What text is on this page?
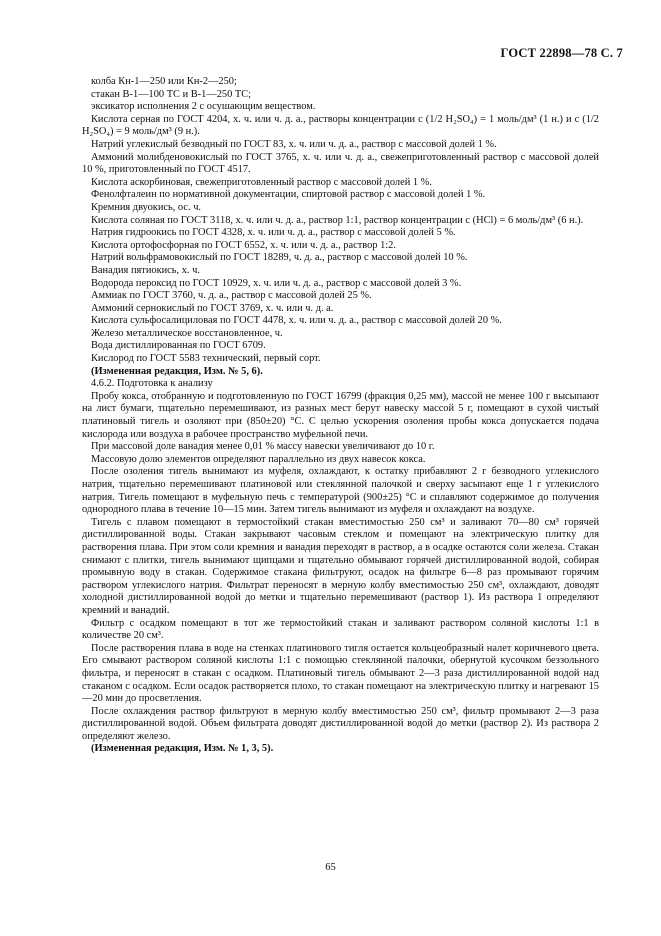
ГОСТ 22898—78 С. 7

колба Кн-1—250 или Кн-2—250;

стакан В-1—100 ТС и В-1—250 ТС;

эксикатор исполнения 2 с осушающим веществом.

Кислота серная по ГОСТ 4204, х. ч. или ч. д. а., растворы концентрации с (1/2 H₂SO₄) = 1 моль/дм³ (1 н.) и с (1/2 H₂SO₄) = 9 моль/дм³ (9 н.).

Натрий углекислый безводный по ГОСТ 83, х. ч. или ч. д. а., раствор с массовой долей 1 %.

Аммоний молибденовокислый по ГОСТ 3765, х. ч. или ч. д. а., свежеприготовленный раствор с массовой долей 10 %, приготовленный по ГОСТ 4517.

Кислота аскорбиновая, свежеприготовленный раствор с массовой долей 1 %.

Фенолфталеин по нормативной документации, спиртовой раствор с массовой долей 1 %.

Кремния двуокись, ос. ч.

Кислота соляная по ГОСТ 3118, х. ч. или ч. д. а., раствор 1:1, раствор концентрации с (HCl) = 6 моль/дм³ (6 н.).

Натрия гидроокись по ГОСТ 4328, х. ч. или ч. д. а., раствор с массовой долей 5 %.

Кислота ортофосфорная по ГОСТ 6552, х. ч. или ч. д. а., раствор 1:2.

Натрий вольфрамовокислый по ГОСТ 18289, ч. д. а., раствор с массовой долей 10 %.

Ванадия пятиокись, х. ч.

Водорода пероксид по ГОСТ 10929, х. ч. или ч. д. а., раствор с массовой долей 3 %.

Аммиак по ГОСТ 3760, ч. д. а., раствор с массовой долей 25 %.

Аммоний сернокислый по ГОСТ 3769, х. ч. или ч. д. а.

Кислота сульфосалициловая по ГОСТ 4478, х. ч. или ч. д. а., раствор с массовой долей 20 %.

Железо металлическое восстановленное, ч.

Вода дистиллированная по ГОСТ 6709.

Кислород по ГОСТ 5583 технический, первый сорт.

(Измененная редакция, Изм. № 5, 6).

4.6.2. Подготовка к анализу

Пробу кокса, отобранную и подготовленную по ГОСТ 16799 (фракция 0,25 мм), массой не менее 100 г высыпают на лист бумаги, тщательно перемешивают, из разных мест берут навеску массой 5 г, помещают в сухой чистый платиновый тигель и озоляют при (850±20) °С. С целью ускорения озоления пробы кокса допускается подача кислорода или воздуха в рабочее пространство муфельной печи.

При массовой доле ванадия менее 0,01 % массу навески увеличивают до 10 г.

Массовую долю элементов определяют параллельно из двух навесок кокса.

После озоления тигель вынимают из муфеля, охлаждают, к остатку прибавляют 2 г безводного углекислого натрия, тщательно перемешивают платиновой или стеклянной палочкой и сверху засыпают еще 1 г углекислого натрия. Тигель помещают в муфельную печь с температурой (900±25) °С и сплавляют содержимое до получения однородного плава в течение 10—15 мин. Затем тигель вынимают из муфеля и охлаждают на воздухе.

Тигель с плавом помещают в термостойкий стакан вместимостью 250 см³ и заливают 70—80 см³ горячей дистиллированной воды. Стакан закрывают часовым стеклом и помещают на электрическую плитку для растворения плава. При этом соли кремния и ванадия переходят в раствор, а в осадке остаются соли железа. Стакан снимают с плитки, тигель вынимают щипцами и тщательно обмывают горячей дистиллированной водой, собирая промывную воду в стакан. Содержимое стакана фильтруют, осадок на фильтре 6—8 раз промывают горячим раствором углекислого натрия. Фильтрат переносят в мерную колбу вместимостью 250 см³, охлаждают, доводят холодной дистиллированной водой до метки и тщательно перемешивают (раствор 1). Из раствора 1 определяют кремний и ванадий.

Фильтр с осадком помещают в тот же термостойкий стакан и заливают раствором соляной кислоты 1:1 в количестве 20 см³.

После растворения плава в воде на стенках платинового тигля остается кольцеобразный налет коричневого цвета. Его смывают раствором соляной кислоты 1:1 с помощью стеклянной палочки, обернутой кусочком беззольного фильтра, и переносят в стакан с осадком. Платиновый тигель обмывают 2—3 раза дистиллированной водой над стаканом с осадком. Если осадок растворяется плохо, то стакан помещают на электрическую плитку и нагревают 15—20 мин до просветления.

После охлаждения раствор фильтруют в мерную колбу вместимостью 250 см³, фильтр промывают 2—3 раза дистиллированной водой. Объем фильтрата доводят дистиллированной водой до метки (раствор 2). Из раствора 2 определяют железо.

(Измененная редакция, Изм. № 1, 3, 5).

65
